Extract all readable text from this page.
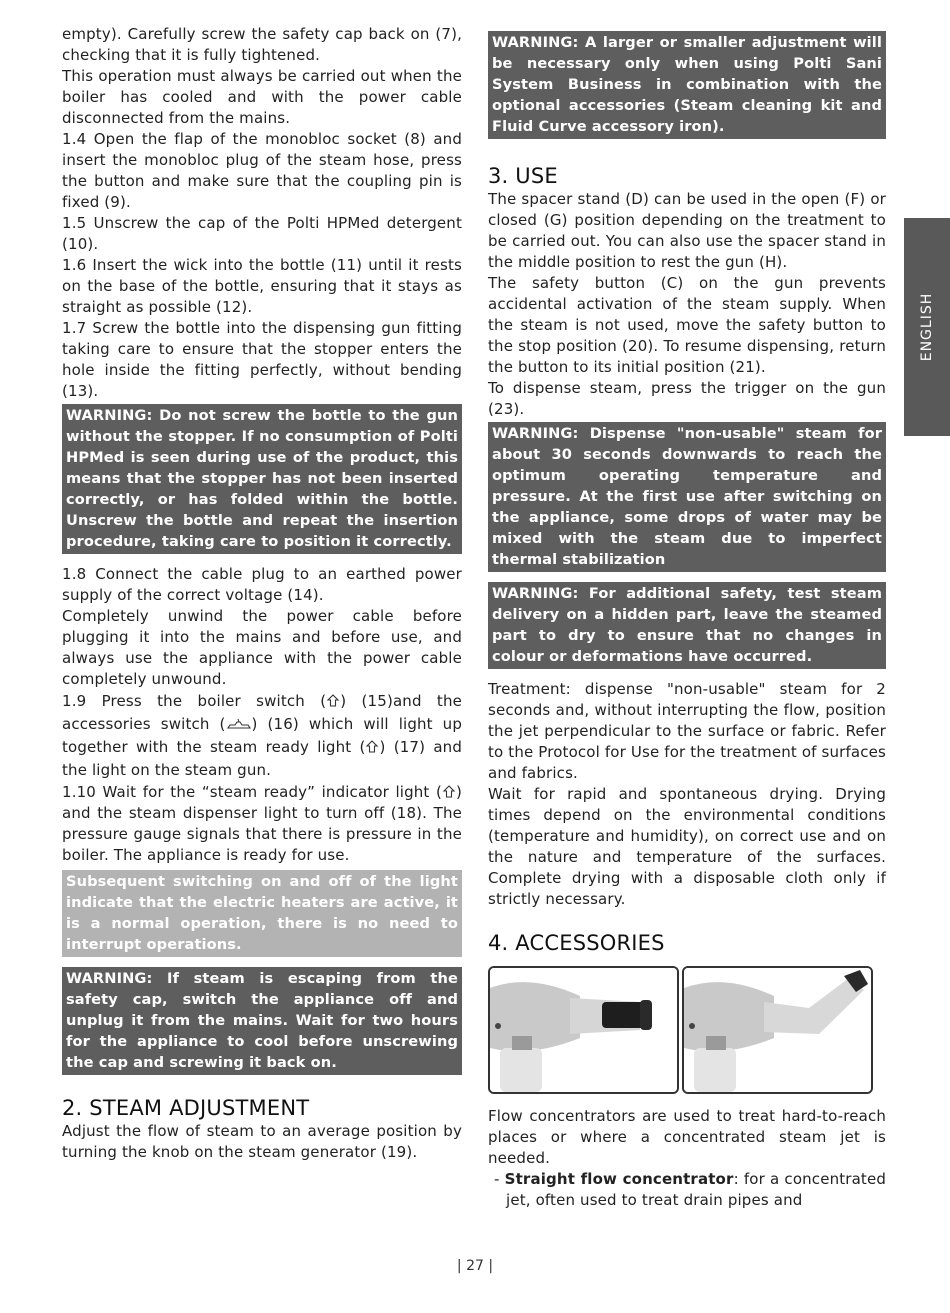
empty). Carefully screw the safety cap back on (7), checking that it is fully tightened.

This operation must always be carried out when the boiler has cooled and with the power cable disconnected from the mains.

1.4 Open the flap of the monobloc socket (8) and insert the monobloc plug of the steam hose, press the button and make sure that the coupling pin is fixed (9).

1.5 Unscrew the cap of the Polti HPMed detergent (10).

1.6 Insert the wick into the bottle (11) until it rests on the base of the bottle, ensuring that it stays as straight as possible (12).

1.7 Screw the bottle into the dispensing gun fitting taking care to ensure that the stopper enters the hole inside the fitting perfectly, without bending (13).

WARNING: Do not screw the bottle to the gun without the stopper. If no consumption of Polti HPMed is seen during use of the product, this means that the stopper has not been inserted correctly, or has folded within the bottle. Unscrew the bottle and repeat the insertion procedure, taking care to position it correctly.

1.8 Connect the cable plug to an earthed power supply of the correct voltage (14).

Completely unwind the power cable before plugging it into the mains and before use, and always use the appliance with the power cable completely unwound.

1.9 Press the boiler switch ( ) (15)and the accessories switch ( ) (16) which will light up together with the steam ready light ( ) (17) and the light on the steam gun.

1.10 Wait for the “steam ready” indicator light ( ) and the steam dispenser light to turn off (18). The pressure gauge signals that there is pressure in the boiler. The appliance is ready for use.

Subsequent switching on and off of the light indicate that the electric heaters are active, it is a normal operation, there is no need to interrupt operations.
WARNING: If steam is escaping from the safety cap, switch the appliance off and unplug it from the mains. Wait for two hours for the appliance to cool before unscrewing the cap and screwing it back on.
2. STEAM ADJUSTMENT

Adjust the flow of steam to an average position by turning the knob on the steam generator (19).

WARNING: A larger or smaller adjustment will be necessary only when using Polti Sani System Business in combination with the optional accessories (Steam cleaning kit and Fluid Curve accessory iron).
3. USE

The spacer stand (D) can be used in the open (F) or closed (G) position depending on the treatment to be carried out. You can also use the spacer stand in the middle position to rest the gun (H).

The safety button (C) on the gun prevents accidental activation of the steam supply. When the steam is not used, move the safety button to the stop position (20). To resume dispensing, return the button to its initial position (21).

To dispense steam, press the trigger on the gun (23).

WARNING: Dispense "non-usable" steam for about 30 seconds downwards to reach the optimum operating temperature and pressure. At the first use after switching on the appliance, some drops of water may be mixed with the steam due to imperfect thermal stabilization
WARNING: For additional safety, test steam delivery on a hidden part, leave the steamed part to dry to ensure that no changes in colour or deformations have occurred.

Treatment: dispense "non-usable" steam for 2 seconds and, without interrupting the flow, position the jet perpendicular to the surface or fabric. Refer to the Protocol for Use for the treatment of surfaces and fabrics.

Wait for rapid and spontaneous drying. Drying times depend on the environmental conditions (temperature and humidity), on correct use and on the nature and temperature of the surfaces. Complete drying with a disposable cloth only if strictly necessary.

4. ACCESSORIES

Flow concentrators are used to treat hard-to-reach places or where a concentrated steam jet is needed.

- Straight flow concentrator: for a concentrated jet, often used to treat drain pipes and

ENGLISH
| 27 |
